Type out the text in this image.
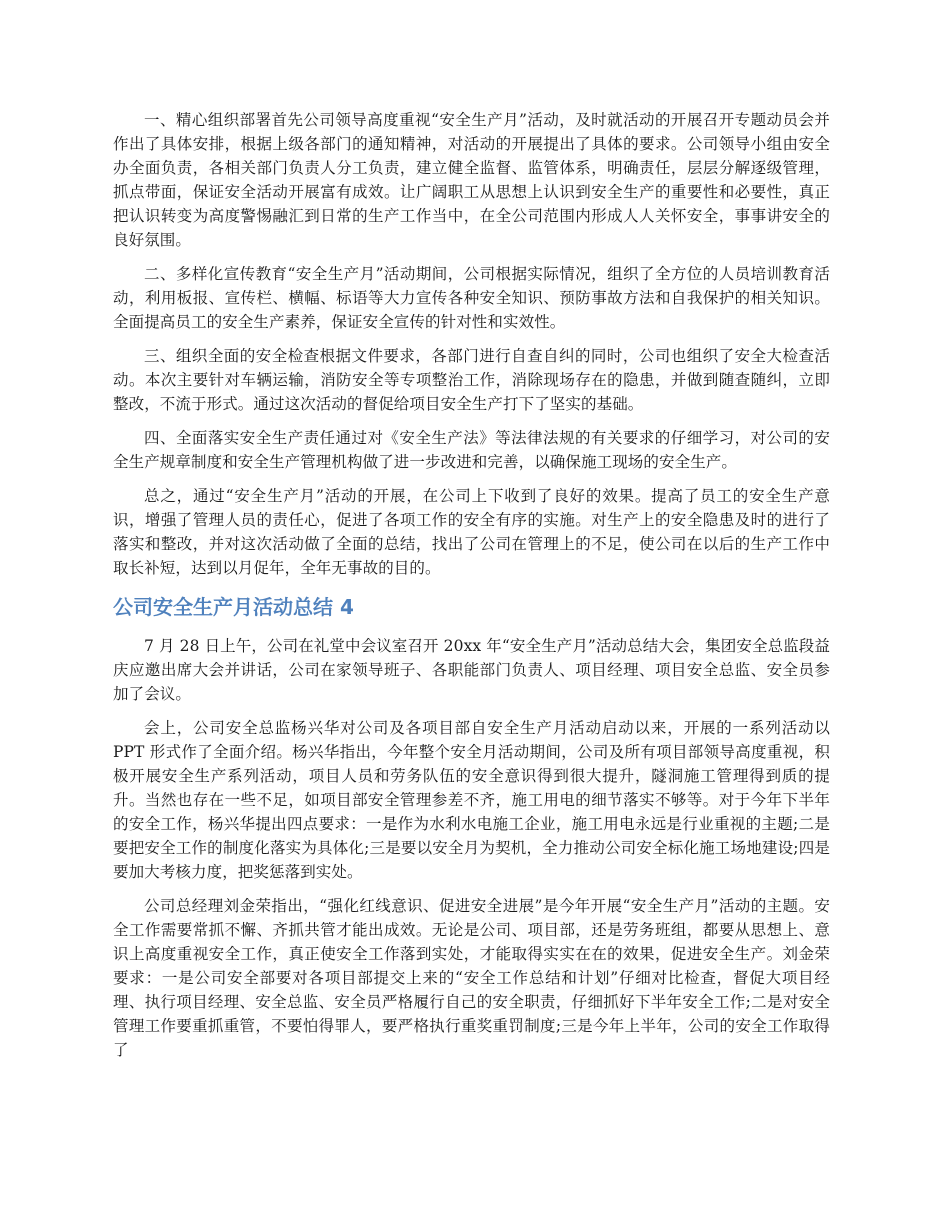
一、精心组织部署首先公司领导高度重视“安全生产月”活动，及时就活动的开展召开专题动员会并作出了具体安排，根据上级各部门的通知精神，对活动的开展提出了具体的要求。公司领导小组由安全办全面负责，各相关部门负责人分工负责，建立健全监督、监管体系，明确责任，层层分解逐级管理，抓点带面，保证安全活动开展富有成效。让广阔职工从思想上认识到安全生产的重要性和必要性，真正把认识转变为高度警惕融汇到日常的生产工作当中，在全公司范围内形成人人关怀安全，事事讲安全的良好氛围。

二、多样化宣传教育“安全生产月”活动期间，公司根据实际情况，组织了全方位的人员培训教育活动，利用板报、宣传栏、横幅、标语等大力宣传各种安全知识、预防事故方法和自我保护的相关知识。全面提高员工的安全生产素养，保证安全宣传的针对性和实效性。

三、组织全面的安全检查根据文件要求，各部门进行自查自纠的同时，公司也组织了安全大检查活动。本次主要针对车辆运输，消防安全等专项整治工作，消除现场存在的隐患，并做到随查随纠，立即整改，不流于形式。通过这次活动的督促给项目安全生产打下了坚实的基础。

四、全面落实安全生产责任通过对《安全生产法》等法律法规的有关要求的仔细学习，对公司的安全生产规章制度和安全生产管理机构做了进一步改进和完善，以确保施工现场的安全生产。

总之，通过“安全生产月”活动的开展，在公司上下收到了良好的效果。提高了员工的安全生产意识，增强了管理人员的责任心，促进了各项工作的安全有序的实施。对生产上的安全隐患及时的进行了落实和整改，并对这次活动做了全面的总结，找出了公司在管理上的不足，使公司在以后的生产工作中取长补短，达到以月促年，全年无事故的目的。

公司安全生产月活动总结 4

7 月 28 日上午，公司在礼堂中会议室召开 20xx 年“安全生产月”活动总结大会，集团安全总监段益庆应邀出席大会并讲话，公司在家领导班子、各职能部门负责人、项目经理、项目安全总监、安全员参加了会议。

会上，公司安全总监杨兴华对公司及各项目部自安全生产月活动启动以来，开展的一系列活动以 PPT 形式作了全面介绍。杨兴华指出，今年整个安全月活动期间，公司及所有项目部领导高度重视，积极开展安全生产系列活动，项目人员和劳务队伍的安全意识得到很大提升，隧洞施工管理得到质的提升。当然也存在一些不足，如项目部安全管理参差不齐，施工用电的细节落实不够等。对于今年下半年的安全工作，杨兴华提出四点要求：一是作为水利水电施工企业，施工用电永远是行业重视的主题;二是要把安全工作的制度化落实为具体化;三是要以安全月为契机，全力推动公司安全标化施工场地建设;四是要加大考核力度，把奖惩落到实处。

公司总经理刘金荣指出，“强化红线意识、促进安全进展”是今年开展“安全生产月”活动的主题。安全工作需要常抓不懈、齐抓共管才能出成效。无论是公司、项目部，还是劳务班组，都要从思想上、意识上高度重视安全工作，真正使安全工作落到实处，才能取得实实在在的效果，促进安全生产。刘金荣要求：一是公司安全部要对各项目部提交上来的“安全工作总结和计划”仔细对比检查，督促大项目经理、执行项目经理、安全总监、安全员严格履行自己的安全职责，仔细抓好下半年安全工作;二是对安全管理工作要重抓重管，不要怕得罪人，要严格执行重奖重罚制度;三是今年上半年，公司的安全工作取得了
